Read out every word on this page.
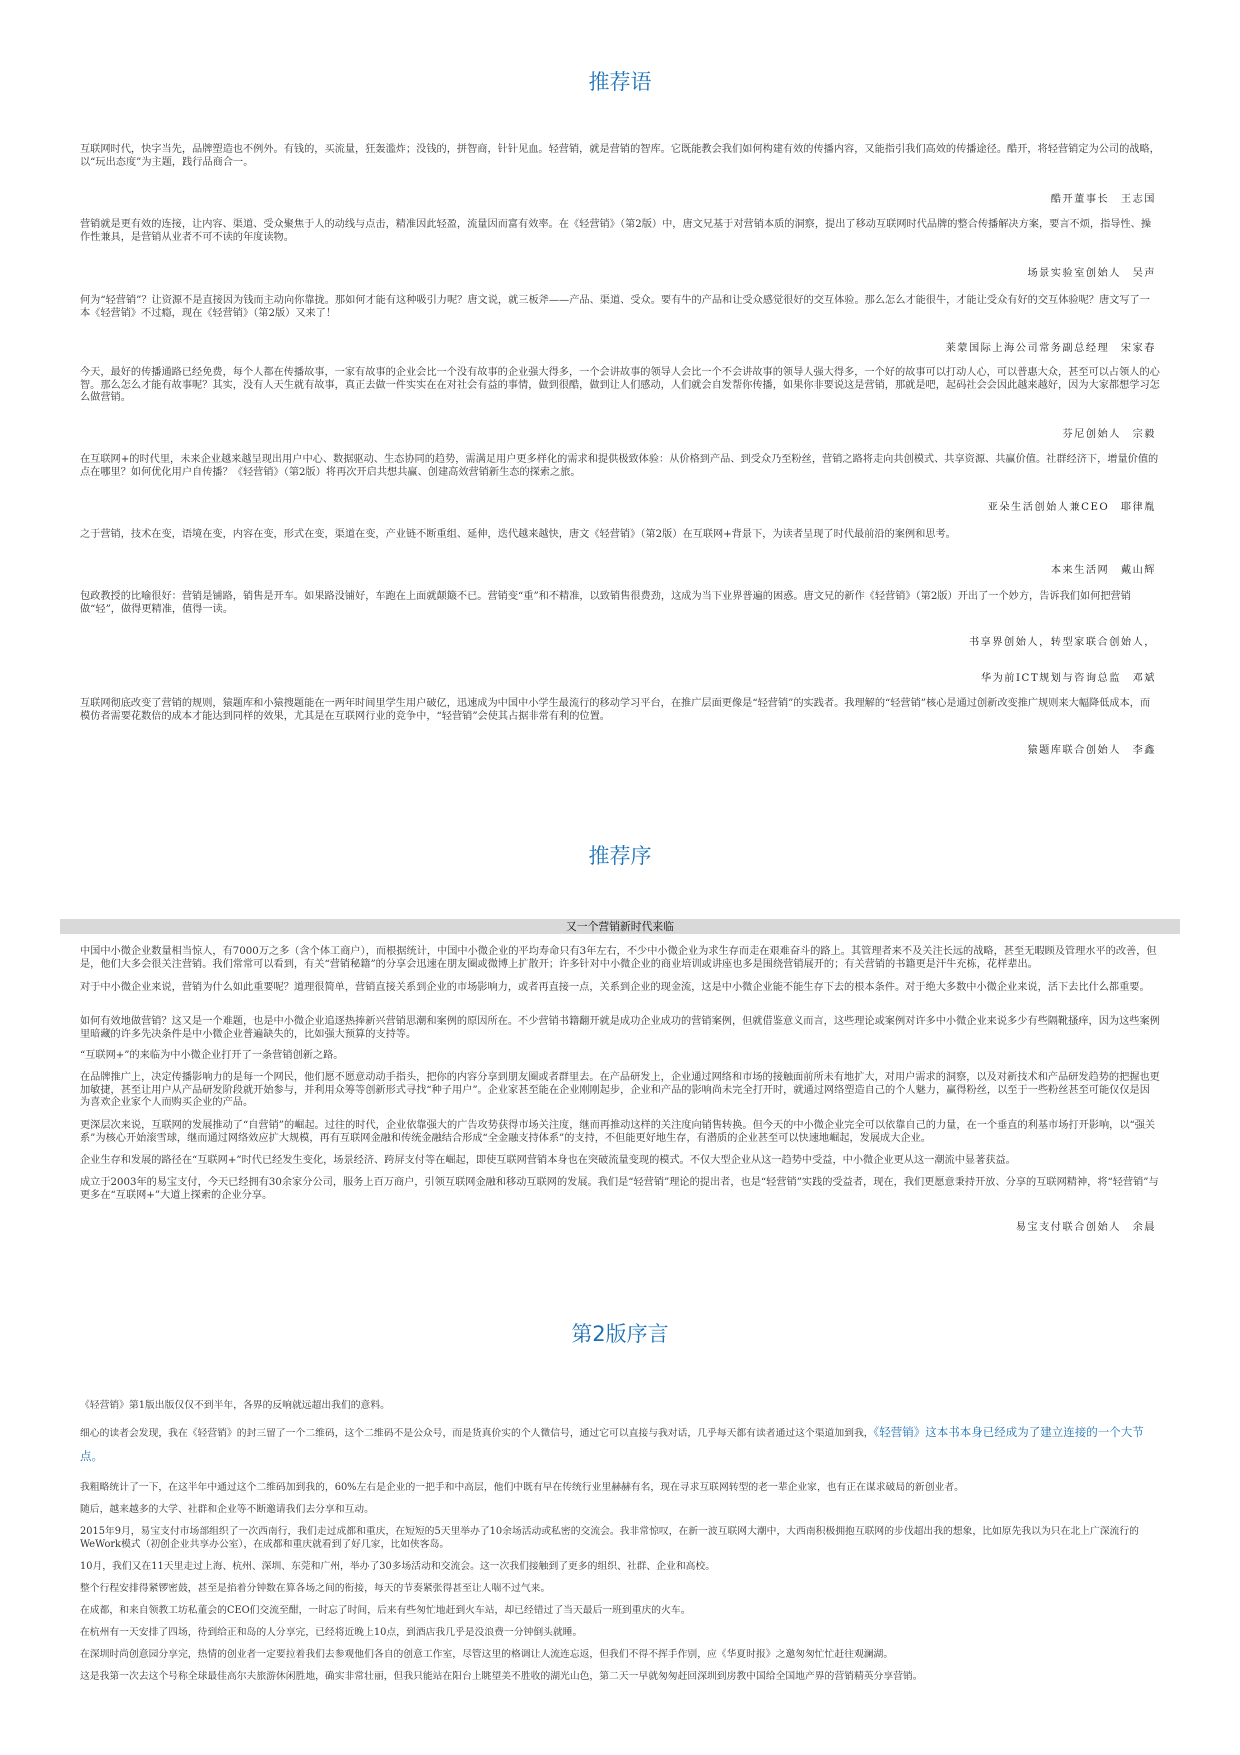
推荐语

互联网时代，快字当先，品牌塑造也不例外。有钱的，买流量，狂轰滥炸；没钱的，拼智商，针针见血。轻营销，就是营销的智库。它既能教会我们如何构建有效的传播内容，又能指引我们高效的传播途径。酷开，将轻营销定为公司的战略，以“玩出态度”为主题，践行品商合一。

酷开董事长　王志国

营销就是更有效的连接，让内容、渠道、受众聚焦于人的动线与点击，精准因此轻盈，流量因而富有效率。在《轻营销》（第2版）中，唐文兄基于对营销本质的洞察，提出了移动互联网时代品牌的整合传播解决方案，要言不烦，指导性、操作性兼具，是营销从业者不可不读的年度读物。

场景实验室创始人　吴声

何为“轻营销”？让资源不是直接因为钱而主动向你靠拢。那如何才能有这种吸引力呢？唐文说，就三板斧——产品、渠道、受众。要有牛的产品和让受众感觉很好的交互体验。那么怎么才能很牛，才能让受众有好的交互体验呢？唐文写了一本《轻营销》不过瘾，现在《轻营销》（第2版）又来了！

莱蒙国际上海公司常务副总经理　宋家春

今天，最好的传播通路已经免费，每个人都在传播故事，一家有故事的企业会比一个没有故事的企业强大得多，一个会讲故事的领导人会比一个不会讲故事的领导人强大得多，一个好的故事可以打动人心，可以普惠大众，甚至可以占领人的心智。那么怎么才能有故事呢？其实，没有人天生就有故事，真正去做一件实实在在对社会有益的事情，做到很酷，做到让人们感动，人们就会自发帮你传播，如果你非要说这是营销，那就是吧，起码社会会因此越来越好，因为大家都想学习怎么做营销。

芬尼创始人　宗毅

在互联网+的时代里，未来企业越来越呈现出用户中心、数据驱动、生态协同的趋势，需满足用户更多样化的需求和提供极致体验：从价格到产品、到受众乃至粉丝，营销之路将走向共创模式、共享资源、共赢价值。社群经济下，增量价值的点在哪里？如何优化用户自传播？《轻营销》（第2版）将再次开启共想共赢、创建高效营销新生态的探索之旅。

亚朵生活创始人兼CEO　耶律胤

之于营销，技术在变，语境在变，内容在变，形式在变，渠道在变，产业链不断重组、延伸，迭代越来越快，唐文《轻营销》（第2版）在互联网+背景下，为读者呈现了时代最前沿的案例和思考。

本来生活网　戴山辉

包政教授的比喻很好：营销是铺路，销售是开车。如果路没铺好，车跑在上面就颠簸不已。营销变“重”和不精准，以致销售很费劲，这成为当下业界普遍的困惑。唐文兄的新作《轻营销》（第2版）开出了一个妙方，告诉我们如何把营销做“轻”，做得更精准，值得一读。

书享界创始人，转型家联合创始人，
华为前ICT规划与咨询总监　邓斌

互联网彻底改变了营销的规则，猿题库和小猿搜题能在一两年时间里学生用户破亿，迅速成为中国中小学生最流行的移动学习平台，在推广层面更像是“轻营销”的实践者。我理解的“轻营销”核心是通过创新改变推广规则来大幅降低成本，而模仿者需要花数倍的成本才能达到同样的效果，尤其是在互联网行业的竞争中，“轻营销”会使其占据非常有利的位置。

猿题库联合创始人　李鑫
推荐序
又一个营销新时代来临

中国中小微企业数量相当惊人，有7000万之多（含个体工商户），而根据统计，中国中小微企业的平均寿命只有3年左右，不少中小微企业为求生存而走在艰难奋斗的路上。其管理者来不及关注长远的战略，甚至无暇顾及管理水平的改善，但是，他们大多会很关注营销。我们常常可以看到，有关“营销秘籍”的分享会迅速在朋友圈或微博上扩散开；许多针对中小微企业的商业培训或讲座也多是围绕营销展开的；有关营销的书籍更是汗牛充栋，花样辈出。

对于中小微企业来说，营销为什么如此重要呢？道理很简单，营销直接关系到企业的市场影响力，或者再直接一点，关系到企业的现金流，这是中小微企业能不能生存下去的根本条件。对于绝大多数中小微企业来说，活下去比什么都重要。

如何有效地做营销？这又是一个难题，也是中小微企业追逐热捧新兴营销思潮和案例的原因所在。不少营销书籍翻开就是成功企业成功的营销案例，但就借鉴意义而言，这些理论或案例对许多中小微企业来说多少有些隔靴搔痒，因为这些案例里暗藏的许多先决条件是中小微企业普遍缺失的，比如强大预算的支持等。

“互联网+”的来临为中小微企业打开了一条营销创新之路。

在品牌推广上，决定传播影响力的是每一个网民，他们愿不愿意动动手指头，把你的内容分享到朋友圈或者群里去。在产品研发上，企业通过网络和市场的接触面前所未有地扩大，对用户需求的洞察，以及对新技术和产品研发趋势的把握也更加敏捷，甚至让用户从产品研发阶段就开始参与，并利用众筹等创新形式寻找“种子用户”。企业家甚至能在企业刚刚起步，企业和产品的影响尚未完全打开时，就通过网络塑造自己的个人魅力，赢得粉丝，以至于一些粉丝甚至可能仅仅是因为喜欢企业家个人而购买企业的产品。

更深层次来说，互联网的发展推动了“自营销”的崛起。过往的时代，企业依靠强大的广告攻势获得市场关注度，继而再推动这样的关注度向销售转换。但今天的中小微企业完全可以依靠自己的力量，在一个垂直的利基市场打开影响，以“强关系”为核心开始滚雪球，继而通过网络效应扩大规模，再有互联网金融和传统金融结合形成“全金融支持体系”的支持，不但能更好地生存，有潜质的企业甚至可以快速地崛起，发展成大企业。

企业生存和发展的路径在“互联网+”时代已经发生变化，场景经济、跨屏支付等在崛起，即使互联网营销本身也在突破流量变现的模式。不仅大型企业从这一趋势中受益，中小微企业更从这一潮流中显著获益。

成立于2003年的易宝支付，今天已经拥有30余家分公司，服务上百万商户，引领互联网金融和移动互联网的发展。我们是“轻营销”理论的提出者，也是“轻营销”实践的受益者，现在，我们更愿意秉持开放、分享的互联网精神，将“轻营销”与更多在“互联网+”大道上探索的企业分享。

易宝支付联合创始人　余晨
第2版序言

《轻营销》第1版出版仅仅不到半年，各界的反响就远超出我们的意料。

细心的读者会发现，我在《轻营销》的封三留了一个二维码，这个二维码不是公众号，而是货真价实的个人微信号，通过它可以直接与我对话，几乎每天都有读者通过这个渠道加到我，《轻营销》这本书本身已经成为了建立连接的一个大节点。

我粗略统计了一下，在这半年中通过这个二维码加到我的，60%左右是企业的一把手和中高层，他们中既有早在传统行业里赫赫有名，现在寻求互联网转型的老一辈企业家，也有正在谋求破局的新创业者。

随后，越来越多的大学、社群和企业等不断邀请我们去分享和互动。

2015年9月，易宝支付市场部组织了一次西南行，我们走过成都和重庆，在短短的5天里举办了10余场活动或私密的交流会。我非常惊叹，在新一波互联网大潮中，大西南积极拥抱互联网的步伐超出我的想象，比如原先我以为只在北上广深流行的WeWork模式（初创企业共享办公室），在成都和重庆就看到了好几家，比如侠客岛。

10月，我们又在11天里走过上海、杭州、深圳、东莞和广州，举办了30多场活动和交流会。这一次我们接触到了更多的组织、社群、企业和高校。

整个行程安排得紧锣密鼓，甚至是掐着分钟数在算各场之间的衔接，每天的节奏紧张得甚至让人喘不过气来。

在成都，和来自领教工坊私董会的CEO们交流至酣，一时忘了时间，后来有些匆忙地赶到火车站，却已经错过了当天最后一班到重庆的火车。

在杭州有一天安排了四场，待到给正和岛的人分享完，已经将近晚上10点，到酒店我几乎是没浪费一分钟倒头就睡。

在深圳时尚创意园分享完，热情的创业者一定要拉着我们去参观他们各自的创意工作室，尽管这里的格调让人流连忘返，但我们不得不挥手作别，应《华夏时报》之邀匆匆忙忙赶往观澜湖。

这是我第一次去这个号称全球最佳高尔夫旅游休闲胜地，确实非常壮丽，但我只能站在阳台上眺望美不胜收的湖光山色，第二天一早就匆匆赶回深圳到房教中国给全国地产界的营销精英分享营销。
